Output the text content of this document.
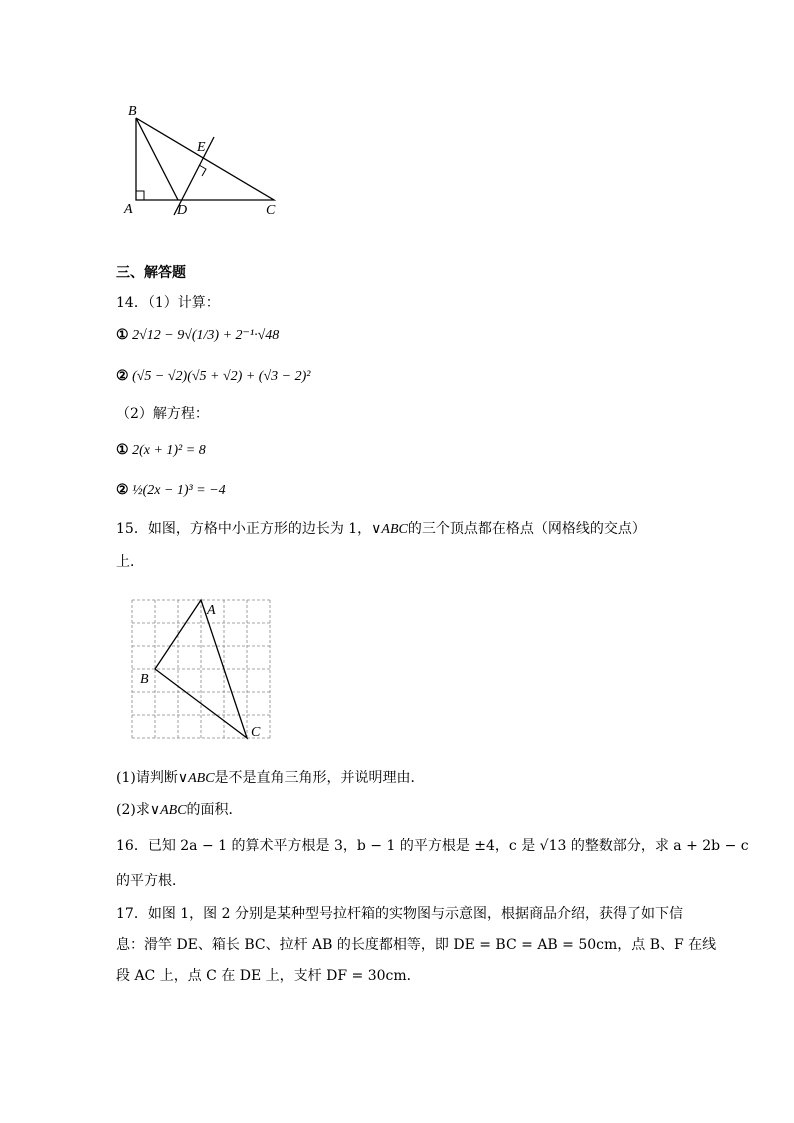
B
E
A	D	C
三、解答题
14．（1）计算：
① 2√12 − 9√(1/3) + 2⁻¹·√48
② (√5 − √2)(√5 + √2) + (√3 − 2)²
（2）解方程：
① 2(x + 1)² = 8
② ½(2x − 1)³ = −4
15．如图，方格中小正方形的边长为 1，∨ABC的三个顶点都在格点（网格线的交点）
上．
A
B
C
(1)请判断∨ABC是不是直角三角形，并说明理由．
(2)求∨ABC的面积．
16．已知 2a − 1 的算术平方根是 3，b − 1 的平方根是 ±4，c 是 √13 的整数部分，求 a + 2b − c
的平方根．
17．如图 1，图 2 分别是某种型号拉杆箱的实物图与示意图，根据商品介绍，获得了如下信
息：滑竿 DE、箱长 BC、拉杆 AB 的长度都相等，即 DE = BC = AB = 50cm，点 B、F 在线
段 AC 上，点 C 在 DE 上，支杆 DF = 30cm．
